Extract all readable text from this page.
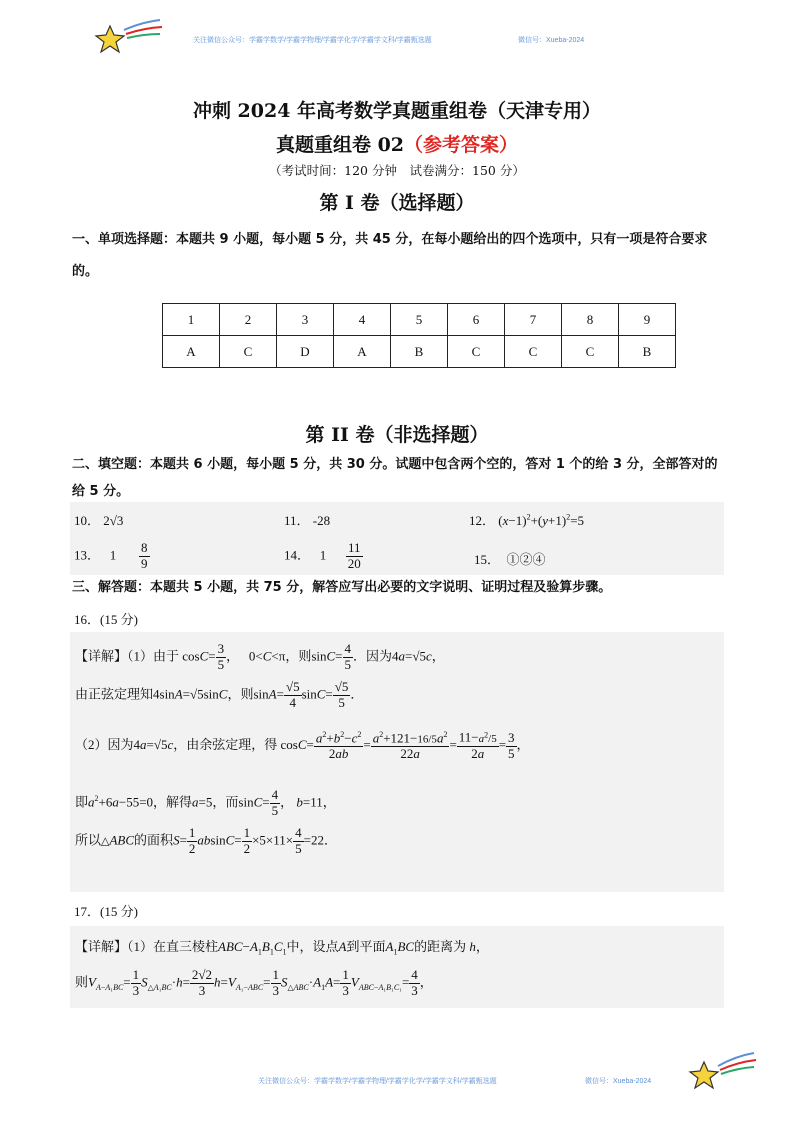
关注微信公众号：学霸学数学/学霸学物理/学霸学化学/学霸学文科/学霸甄选题	微信号：Xueba-2024
冲刺 2024 年高考数学真题重组卷（天津专用）
真题重组卷 02（参考答案）
（考试时间：120 分钟　试卷满分：150 分）
第 I 卷（选择题）
一、单项选择题：本题共 9 小题，每小题 5 分，共 45 分，在每小题给出的四个选项中，只有一项是符合要求的。
1	2	3	4	5	6	7	8	9
A	C	D	A	B	C	C	C	B
第 II 卷（非选择题）
二、填空题：本题共 6 小题，每小题 5 分，共 30 分。试题中包含两个空的，答对 1 个的给 3 分，全部答对的给 5 分。
10． 2√3	11． -28	12． $(x-1)^2+(y+1)^2=5$
13． $1 \frac{8}{9}$	14． $1 \frac{11}{20}$	15． ①②④
三、解答题：本题共 5 小题，共 75 分，解答应写出必要的文字说明、证明过程及验算步骤。
16．(15 分)
【详解】（1）由于 $\cos C= \frac{3}{5}$ ，   0<C<π，则$\sin C= \frac{4}{5}$ ．因为4a=√5c，
由正弦定理知4sinA=√5sinC，则$\sin A= \frac{√5}{4} \sin C= \frac{√5}{5}$ ．
（2）因为4a=√5c，由余弦定理，得 $\cos C= \frac{a^2+b^2-c^2}{2ab} = \frac{a^2+121-16/5a^2}{22a} = \frac{11-a^2/5}{2a} = \frac{3}{5}$ ，
即$a^2+6a-55=0$，解得a=5，而$\sin C= \frac{4}{5}$ ， b=11，
所以△ABC的面积$S= \frac{1}{2} absinC= \frac{1}{2} \times 5\times 11\times \frac{4}{5} =22$．
17．(15 分)
【详解】（1）在直三棱柱$ABC-A_1B_1C_1$中，设点A到平面$A_1BC$的距离为 h，
则$V_{A-A_1BC}= \frac{1}{3} S_{\triangle A_1BC}\cdot h= \frac{2√2}{3} h=V_{A_1-ABC}= \frac{1}{3} S_{\triangle ABC}\cdot A_1A= \frac{1}{3} V_{ABC-A_1B_1C_1}= \frac{4}{3}$ ，
关注微信公众号：学霸学数学/学霸学物理/学霸学化学/学霸学文科/学霸甄选题	微信号：Xueba-2024
